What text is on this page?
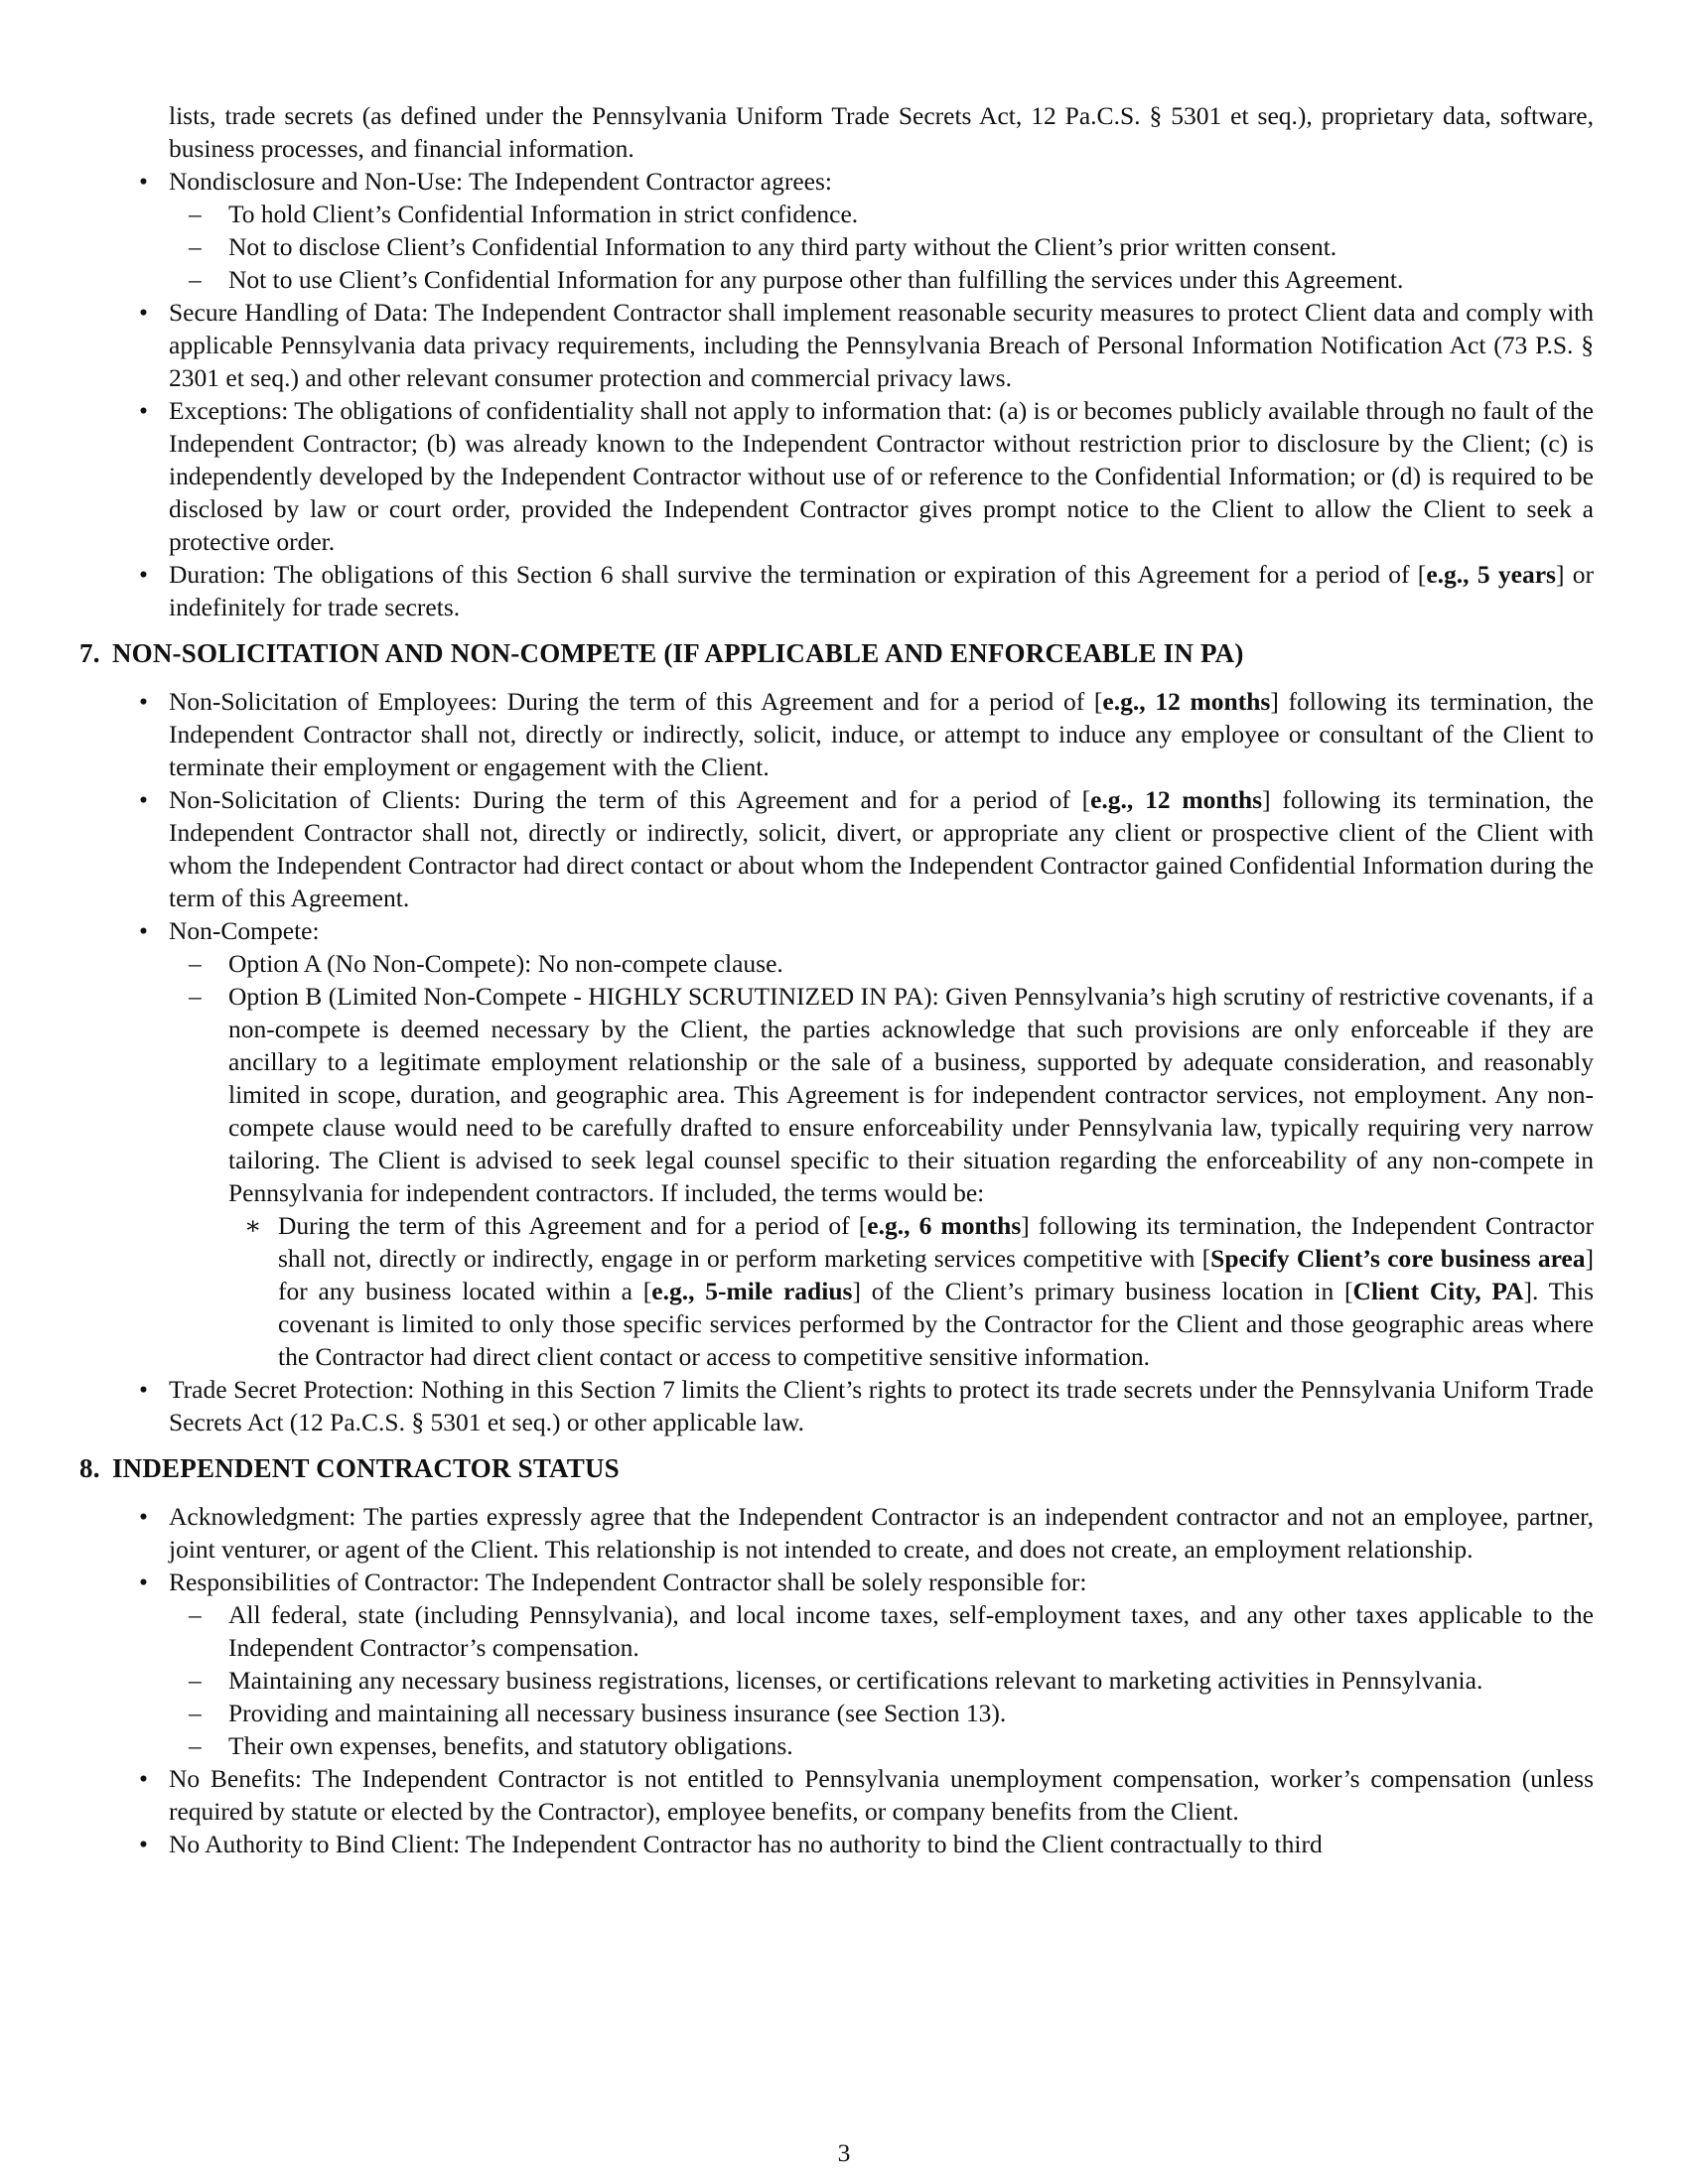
lists, trade secrets (as defined under the Pennsylvania Uniform Trade Secrets Act, 12 Pa.C.S. § 5301 et seq.), proprietary data, software, business processes, and financial information.
• Nondisclosure and Non-Use: The Independent Contractor agrees:
– To hold Client’s Confidential Information in strict confidence.
– Not to disclose Client’s Confidential Information to any third party without the Client’s prior written consent.
– Not to use Client’s Confidential Information for any purpose other than fulfilling the services under this Agreement.
• Secure Handling of Data: The Independent Contractor shall implement reasonable security measures to protect Client data and comply with applicable Pennsylvania data privacy requirements, including the Pennsylvania Breach of Personal Information Notification Act (73 P.S. § 2301 et seq.) and other relevant consumer protection and commercial privacy laws.
• Exceptions: The obligations of confidentiality shall not apply to information that: (a) is or becomes publicly available through no fault of the Independent Contractor; (b) was already known to the Independent Contractor without restriction prior to disclosure by the Client; (c) is independently developed by the Independent Contractor without use of or reference to the Confidential Information; or (d) is required to be disclosed by law or court order, provided the Independent Contractor gives prompt notice to the Client to allow the Client to seek a protective order.
• Duration: The obligations of this Section 6 shall survive the termination or expiration of this Agreement for a period of [e.g., 5 years] or indefinitely for trade secrets.
7. NON-SOLICITATION AND NON-COMPETE (IF APPLICABLE AND ENFORCEABLE IN PA)
• Non-Solicitation of Employees: During the term of this Agreement and for a period of [e.g., 12 months] following its termination, the Independent Contractor shall not, directly or indirectly, solicit, induce, or attempt to induce any employee or consultant of the Client to terminate their employment or engagement with the Client.
• Non-Solicitation of Clients: During the term of this Agreement and for a period of [e.g., 12 months] following its termination, the Independent Contractor shall not, directly or indirectly, solicit, divert, or appropriate any client or prospective client of the Client with whom the Independent Contractor had direct contact or about whom the Independent Contractor gained Confidential Information during the term of this Agreement.
• Non-Compete:
– Option A (No Non-Compete): No non-compete clause.
– Option B (Limited Non-Compete - HIGHLY SCRUTINIZED IN PA): Given Pennsylvania’s high scrutiny of restrictive covenants, if a non-compete is deemed necessary by the Client, the parties acknowledge that such provisions are only enforceable if they are ancillary to a legitimate employment relationship or the sale of a business, supported by adequate consideration, and reasonably limited in scope, duration, and geographic area. This Agreement is for independent contractor services, not employment. Any non-compete clause would need to be carefully drafted to ensure enforceability under Pennsylvania law, typically requiring very narrow tailoring. The Client is advised to seek legal counsel specific to their situation regarding the enforceability of any non-compete in Pennsylvania for independent contractors. If included, the terms would be:
∗ During the term of this Agreement and for a period of [e.g., 6 months] following its termination, the Independent Contractor shall not, directly or indirectly, engage in or perform marketing services competitive with [Specify Client’s core business area] for any business located within a [e.g., 5-mile radius] of the Client’s primary business location in [Client City, PA]. This covenant is limited to only those specific services performed by the Contractor for the Client and those geographic areas where the Contractor had direct client contact or access to competitive sensitive information.
• Trade Secret Protection: Nothing in this Section 7 limits the Client’s rights to protect its trade secrets under the Pennsylvania Uniform Trade Secrets Act (12 Pa.C.S. § 5301 et seq.) or other applicable law.
8. INDEPENDENT CONTRACTOR STATUS
• Acknowledgment: The parties expressly agree that the Independent Contractor is an independent contractor and not an employee, partner, joint venturer, or agent of the Client. This relationship is not intended to create, and does not create, an employment relationship.
• Responsibilities of Contractor: The Independent Contractor shall be solely responsible for:
– All federal, state (including Pennsylvania), and local income taxes, self-employment taxes, and any other taxes applicable to the Independent Contractor’s compensation.
– Maintaining any necessary business registrations, licenses, or certifications relevant to marketing activities in Pennsylvania.
– Providing and maintaining all necessary business insurance (see Section 13).
– Their own expenses, benefits, and statutory obligations.
• No Benefits: The Independent Contractor is not entitled to Pennsylvania unemployment compensation, worker’s compensation (unless required by statute or elected by the Contractor), employee benefits, or company benefits from the Client.
• No Authority to Bind Client: The Independent Contractor has no authority to bind the Client contractually to third
3
